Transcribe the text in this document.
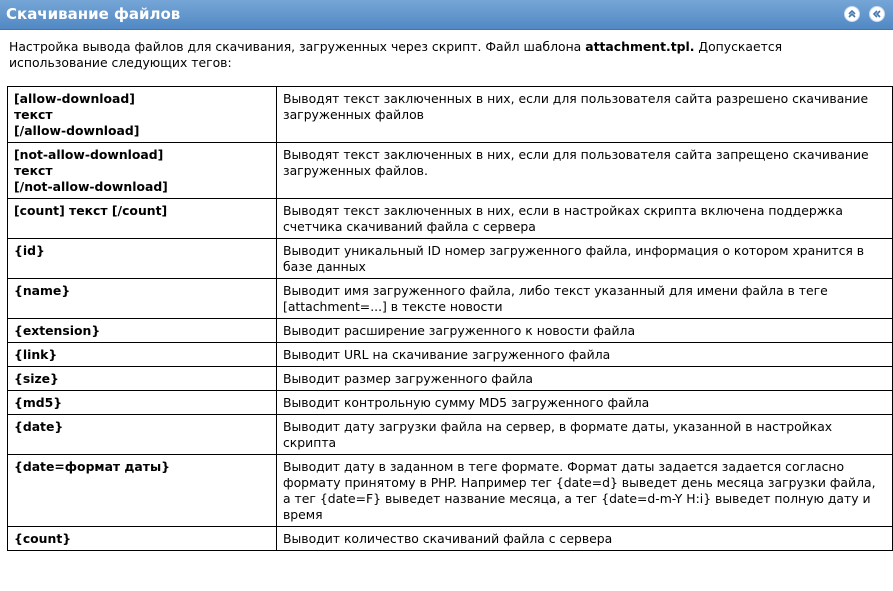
Скачивание файлов
Настройка вывода файлов для скачивания, загруженных через скрипт. Файл шаблона attachment.tpl. Допускается использование следующих тегов:
[allow-download]
текст
[/allow-download]	Выводят текст заключенных в них, если для пользователя сайта разрешено скачивание загруженных файлов

[not-allow-download]
текст
[/not-allow-download]	Выводят текст заключенных в них, если для пользователя сайта запрещено скачивание загруженных файлов.

[count] текст [/count]	Выводят текст заключенных в них, если в настройках скрипта включена поддержка счетчика скачиваний файла с сервера

{id}	Выводит уникальный ID номер загруженного файла, информация о котором хранится в базе данных

{name}	Выводит имя загруженного файла, либо текст указанный для имени файла в теге [attachment=...] в тексте новости

{extension}	Выводит расширение загруженного к новости файла

{link}	Выводит URL на скачивание загруженного файла

{size}	Выводит размер загруженного файла

{md5}	Выводит контрольную сумму MD5 загруженного файла

{date}	Выводит дату загрузки файла на сервер, в формате даты, указанной в настройках скрипта

{date=формат даты}	Выводит дату в заданном в теге формате. Формат даты задается задается согласно формату принятому в PHP. Например тег {date=d} выведет день месяца загрузки файла, а тег {date=F} выведет название месяца, а тег {date=d-m-Y H:i} выведет полную дату и время

{count}	Выводит количество скачиваний файла с сервера
